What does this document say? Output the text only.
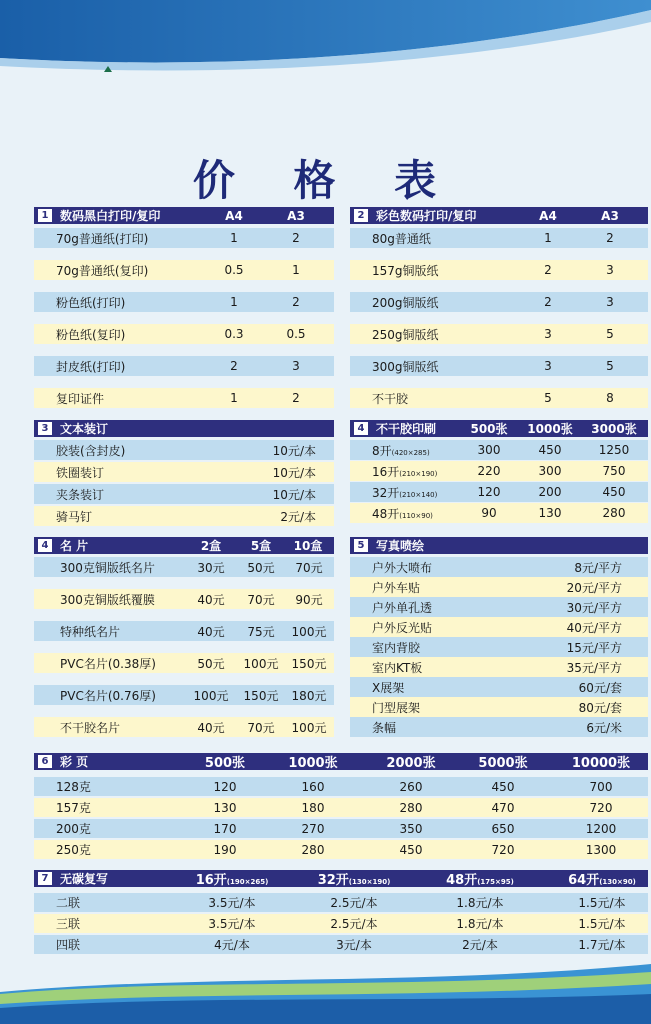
价 格 表
1 数码黑白打印/复印	A4	A3
70g普通纸(打印)	1	2
70g普通纸(复印)	0.5	1
粉色纸(打印)	1	2
粉色纸(复印)	0.3	0.5
封皮纸(打印)	2	3
复印证件	1	2
2 彩色数码打印/复印	A4	A3
80g普通纸	1	2
157g铜版纸	2	3
200g铜版纸	2	3
250g铜版纸	3	5
300g铜版纸	3	5
不干胶	5	8
3 文本装订
胶装(含封皮)	10元/本
铁圈装订	10元/本
夹条装订	10元/本
骑马钉	2元/本
4 不干胶印刷	500张	1000张	3000张
8开(420×285)	300	450	1250
16开(210×190)	220	300	750
32开(210×140)	120	200	450
48开(110×90)	90	130	280
4 名 片	2盒	5盒	10盒
300克铜版纸名片	30元	50元	70元
300克铜版纸覆膜	40元	70元	90元
特种纸名片	40元	75元	100元
PVC名片(0.38厚)	50元	100元 150元
PVC名片(0.76厚)	100元 150元 180元
不干胶名片	40元	70元	100元
5 写真喷绘
户外大喷布	8元/平方
户外车贴	20元/平方
户外单孔透	30元/平方
户外反光贴	40元/平方
室内背胶	15元/平方
室内KT板	35元/平方
X展架	60元/套
门型展架	80元/套
条幅	6元/米
6 彩 页	500张	1000张	2000张	5000张	10000张
128克	120	160	260	450	700
157克	130	180	280	470	720
200克	170	270	350	650	1200
250克	190	280	450	720	1300
7 无碳复写	16开(190×265)	32开(130×190)	48开(175×95)	64开(130×90)
二联	3.5元/本	2.5元/本	1.8元/本	1.5元/本
三联	3.5元/本	2.5元/本	1.8元/本	1.5元/本
四联	4元/本	3元/本	2元/本	1.7元/本
